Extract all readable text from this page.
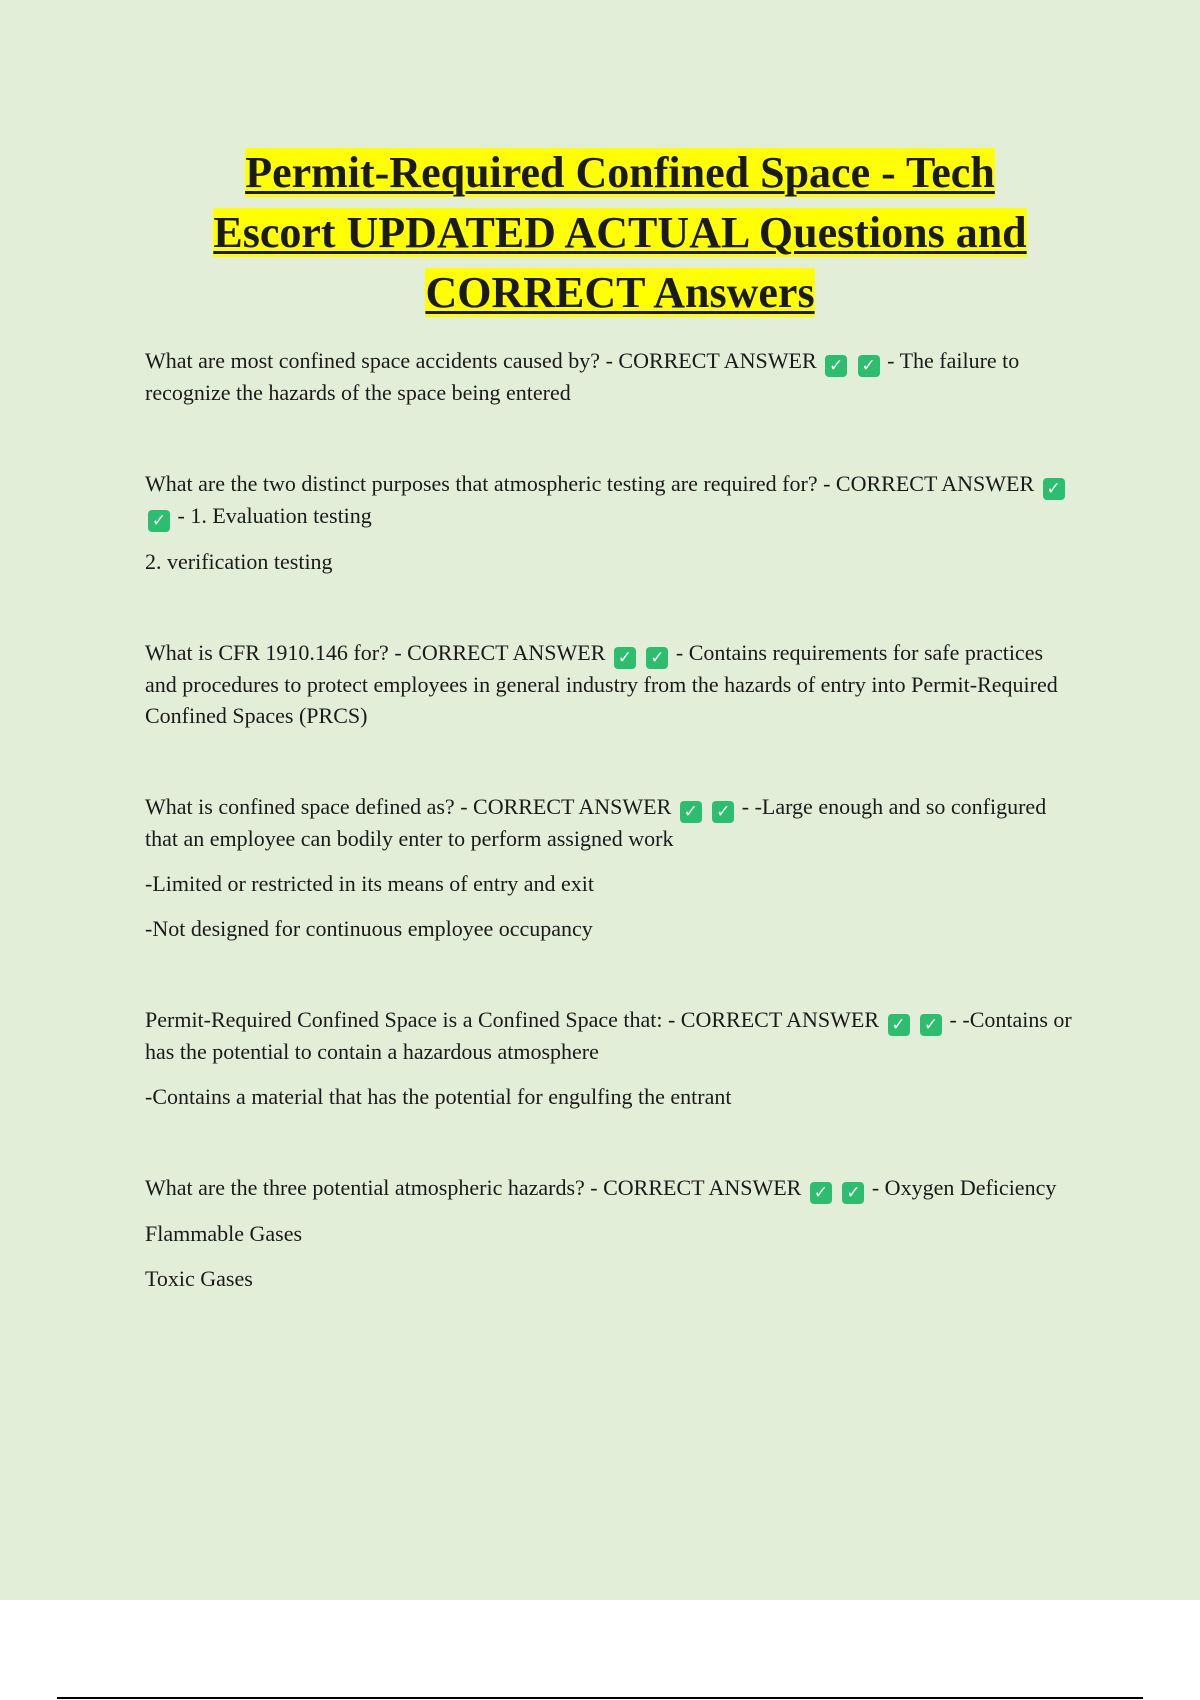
Permit-Required Confined Space - Tech
Escort UPDATED ACTUAL Questions and
CORRECT Answers

What are most confined space accidents caused by? - CORRECT ANSWER ✓ ✓ - The failure to recognize the hazards of the space being entered

What are the two distinct purposes that atmospheric testing are required for? - CORRECT ANSWER ✓ ✓ - 1. Evaluation testing

2. verification testing

What is CFR 1910.146 for? - CORRECT ANSWER ✓ ✓ - Contains requirements for safe practices and procedures to protect employees in general industry from the hazards of entry into Permit-Required Confined Spaces (PRCS)

What is confined space defined as? - CORRECT ANSWER ✓ ✓ - -Large enough and so configured that an employee can bodily enter to perform assigned work

-Limited or restricted in its means of entry and exit

-Not designed for continuous employee occupancy

Permit-Required Confined Space is a Confined Space that: - CORRECT ANSWER ✓ ✓ - -Contains or has the potential to contain a hazardous atmosphere

-Contains a material that has the potential for engulfing the entrant

What are the three potential atmospheric hazards? - CORRECT ANSWER ✓ ✓ - Oxygen Deficiency

Flammable Gases

Toxic Gases
